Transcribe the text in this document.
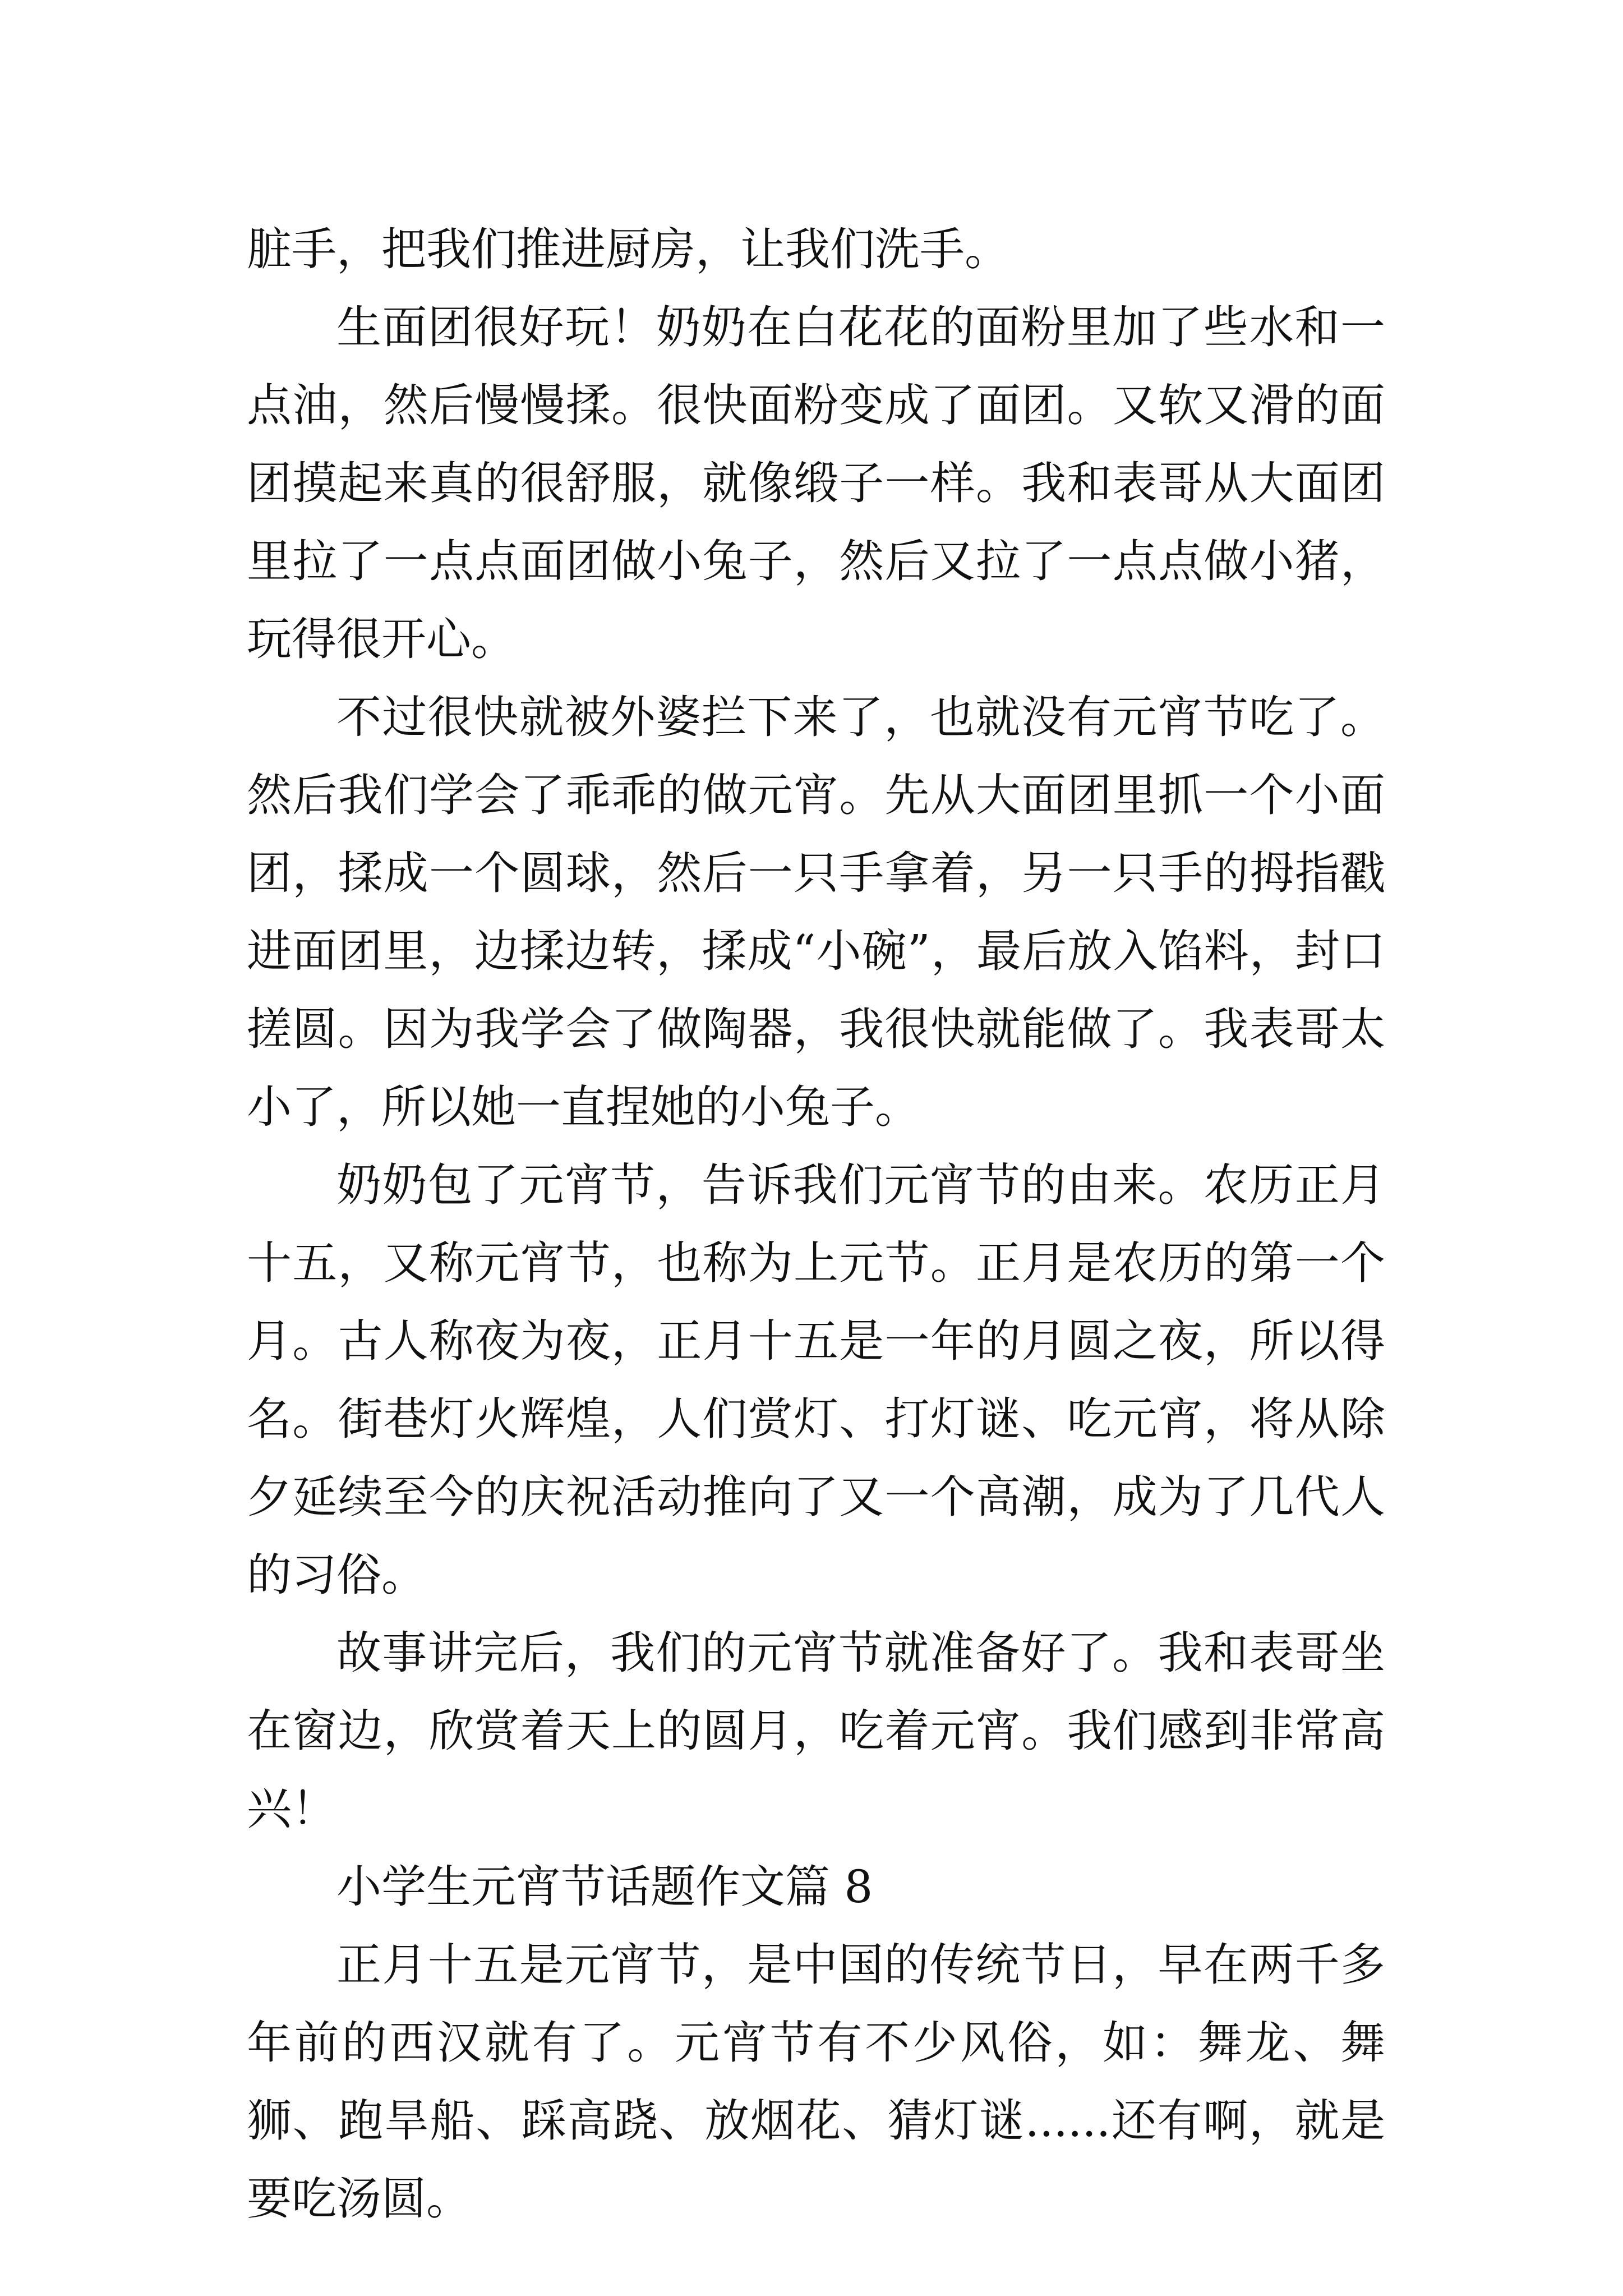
脏手，把我们推进厨房，让我们洗手。

生面团很好玩！奶奶在白花花的面粉里加了些水和一点油，然后慢慢揉。很快面粉变成了面团。又软又滑的面团摸起来真的很舒服，就像缎子一样。我和表哥从大面团里拉了一点点面团做小兔子，然后又拉了一点点做小猪，玩得很开心。

不过很快就被外婆拦下来了，也就没有元宵节吃了。然后我们学会了乖乖的做元宵。先从大面团里抓一个小面团，揉成一个圆球，然后一只手拿着，另一只手的拇指戳进面团里，边揉边转，揉成“小碗”，最后放入馅料，封口搓圆。因为我学会了做陶器，我很快就能做了。我表哥太小了，所以她一直捏她的小兔子。

奶奶包了元宵节，告诉我们元宵节的由来。农历正月十五，又称元宵节，也称为上元节。正月是农历的第一个月。古人称夜为夜，正月十五是一年的月圆之夜，所以得名。街巷灯火辉煌，人们赏灯、打灯谜、吃元宵，将从除夕延续至今的庆祝活动推向了又一个高潮，成为了几代人的习俗。

故事讲完后，我们的元宵节就准备好了。我和表哥坐在窗边，欣赏着天上的圆月，吃着元宵。我们感到非常高兴！

小学生元宵节话题作文篇 8

正月十五是元宵节，是中国的传统节日，早在两千多年前的西汉就有了。元宵节有不少风俗，如：舞龙、舞狮、跑旱船、踩高跷、放烟花、猜灯谜......还有啊，就是要吃汤圆。
